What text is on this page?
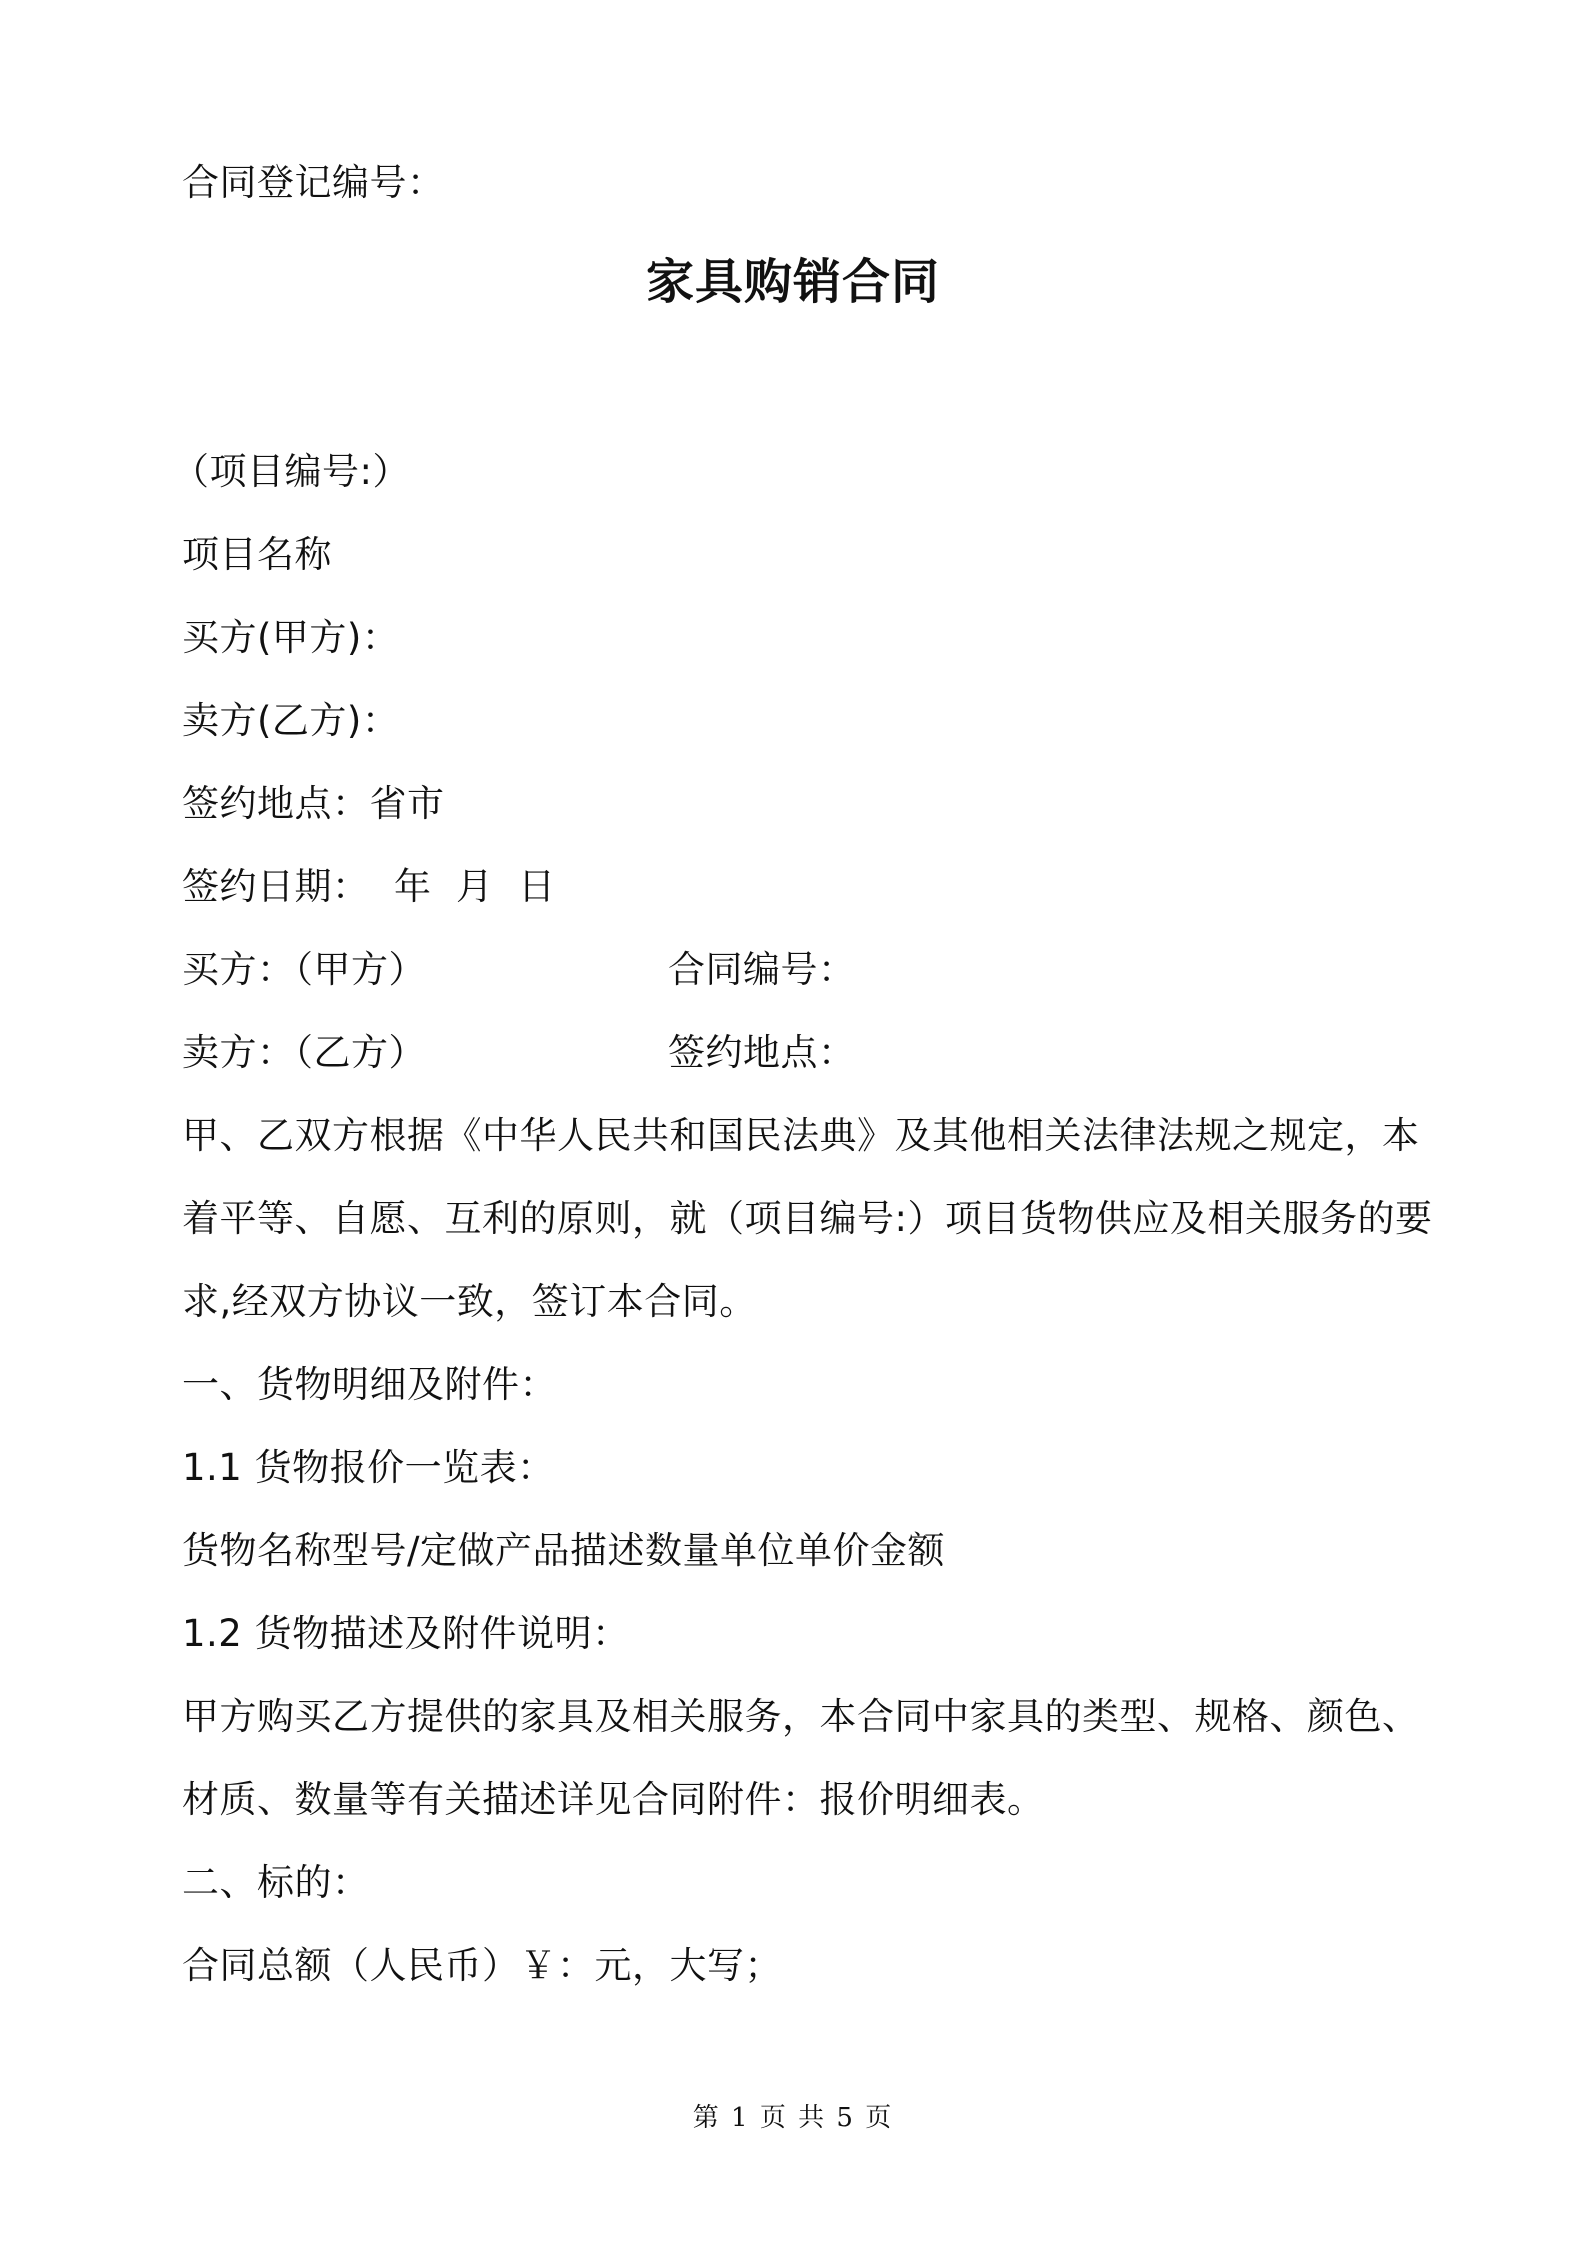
合同登记编号：
家具购销合同
（项目编号:）
项目名称
买方(甲方)：
卖方(乙方)：
签约地点：省市
签约日期：  年  月  日
买方：（甲方）	合同编号：
卖方：（乙方）	签约地点：
甲、乙双方根据《中华人民共和国民法典》及其他相关法律法规之规定，本
着平等、自愿、互利的原则，就（项目编号:）项目货物供应及相关服务的要
求,经双方协议一致，签订本合同。
一、货物明细及附件：
1.1 货物报价一览表：
货物名称型号/定做产品描述数量单位单价金额
1.2 货物描述及附件说明：
甲方购买乙方提供的家具及相关服务，本合同中家具的类型、规格、颜色、
材质、数量等有关描述详见合同附件：报价明细表。
二、标的：
合同总额（人民币）￥：元，大写；
第 1 页 共 5 页
